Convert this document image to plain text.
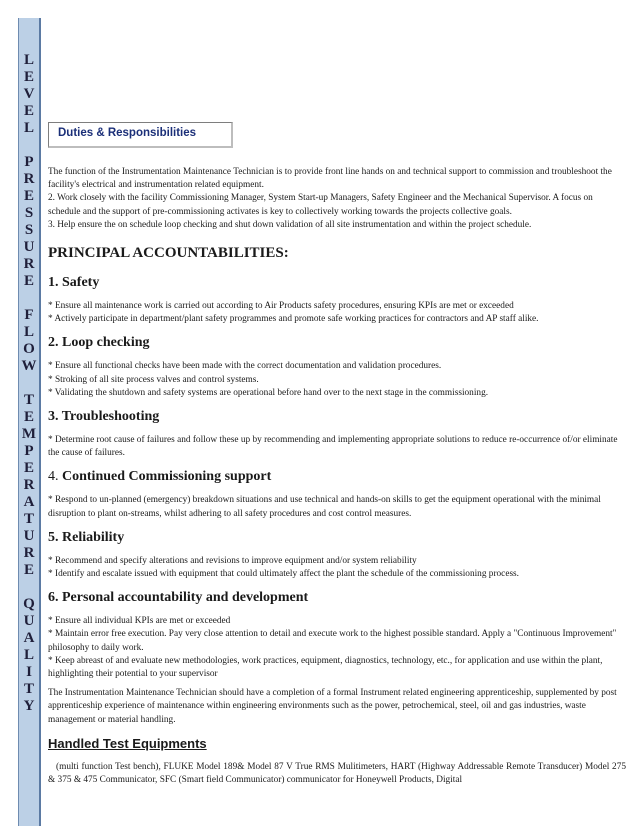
L
E
V
E
L
P
R
E
S
S
U
R
E
F
L
O
W
T
E
M
P
E
R
A
T
U
R
E
Q
U
A
L
I
T
Y
Duties & Responsibilities

The function of the Instrumentation Maintenance Technician is to provide front line hands on and technical support to commission and troubleshoot the facility's electrical and instrumentation related equipment.

2. Work closely with the facility Commissioning Manager, System Start-up Managers, Safety Engineer and the Mechanical Supervisor. A focus on schedule and the support of pre-commissioning activates is key to collectively working towards the projects collective goals.

3. Help ensure the on schedule loop checking and shut down validation of all site instrumentation and within the project schedule.

PRINCIPAL ACCOUNTABILITIES:
1. Safety

* Ensure all maintenance work is carried out according to Air Products safety procedures, ensuring KPIs are met or exceeded

* Actively participate in department/plant safety programmes and promote safe working practices for contractors and AP staff alike.

2. Loop checking

* Ensure all functional checks have been made with the correct documentation and validation procedures.

* Stroking of all site process valves and control systems.

* Validating the shutdown and safety systems are operational before hand over to the next stage in the commissioning.

3. Troubleshooting

* Determine root cause of failures and follow these up by recommending and implementing appropriate solutions to reduce re-occurrence of/or eliminate the cause of failures.

4. Continued Commissioning support

* Respond to un-planned (emergency) breakdown situations and use technical and hands-on skills to get the equipment operational with the minimal disruption to plant on-streams, whilst adhering to all safety procedures and cost control measures.

5. Reliability

* Recommend and specify alterations and revisions to improve equipment and/or system reliability

* Identify and escalate issued with equipment that could ultimately affect the plant the schedule of the commissioning process.

6. Personal accountability and development

* Ensure all individual KPIs are met or exceeded

* Maintain error free execution. Pay very close attention to detail and execute work to the highest possible standard. Apply a "Continuous Improvement" philosophy to daily work.

* Keep abreast of and evaluate new methodologies, work practices, equipment, diagnostics, technology, etc., for application and use within the plant, highlighting their potential to your supervisor

The Instrumentation Maintenance Technician should have a completion of a formal Instrument related engineering apprenticeship, supplemented by post apprenticeship experience of maintenance within engineering environments such as the power, petrochemical, steel, oil and gas industries, waste management or material handling.

Handled Test Equipments

(multi function Test bench), FLUKE Model 189& Model 87 V True RMS Mulitimeters, HART (Highway Addressable Remote Transducer) Model 275 & 375 & 475 Communicator, SFC (Smart field Communicator) communicator for Honeywell Products, Digital
